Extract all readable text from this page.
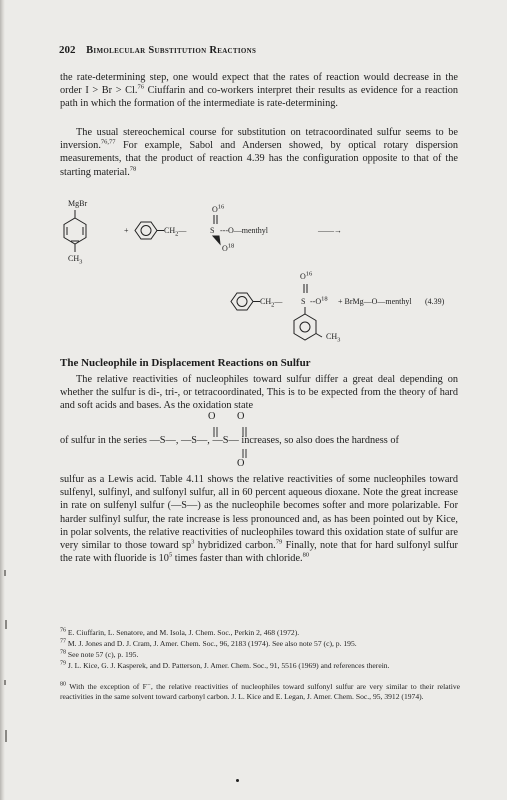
202 Bimolecular Substitution Reactions

the rate-determining step, one would expect that the rates of reaction would decrease in the order I > Br > Cl.$^{76}$ Ciuffarin and co-workers interpret their results as evidence for a reaction path in which the formation of the intermediate is rate-determining.

The usual stereochemical course for substitution on tetracoordinated sulfur seems to be inversion.$^{76,77}$ For example, Sabol and Andersen showed, by optical rotary dispersion measurements, that the product of reaction 4.39 has the configuration opposite to that of the starting material.$^{78}$

MgBr
$CH_3$
+	$CH_2—$	S ---O—menthyl
$O^{16}$
$O^{18}$
——→
$O^{16}$
$CH_2—$ S $--O^{18}$ + BrMg—O—menthyl (4.39)
$CH_3$
The Nucleophile in Displacement Reactions on Sulfur

The relative reactivities of nucleophiles toward sulfur differ a great deal depending on whether the sulfur is di-, tri-, or tetracoordinated, This is to be expected from the theory of hard and soft acids and bases. As the oxidation state

O O
of sulfur in the series —S—, —S—, —S— increases, so also does the hardness of
O

sulfur as a Lewis acid. Table 4.11 shows the relative reactivities of some nucleophiles toward sulfenyl, sulfinyl, and sulfonyl sulfur, all in 60 percent aqueous dioxane. Note the great increase in rate on sulfenyl sulfur (—S—) as the nucleophile becomes softer and more polarizable. For harder sulfinyl sulfur, the rate increase is less pronounced and, as has been pointed out by Kice, in polar solvents, the relative reactivities of nucleophiles toward this oxidation state of sulfur are very similar to those toward $sp^3$ hybridized carbon.$^{79}$ Finally, note that for hard sulfonyl sulfur the rate with fluoride is $10^5$ times faster than with chloride.$^{80}$

$^{76}$ E. Ciuffarin, L. Senatore, and M. Isola, J. Chem. Soc., Perkin 2, 468 (1972).

$^{77}$ M. J. Jones and D. J. Cram, J. Amer. Chem. Soc., 96, 2183 (1974). See also note 57 (c), p. 195.

$^{78}$ See note 57 (c), p. 195.

$^{79}$ J. L. Kice, G. J. Kasperek, and D. Patterson, J. Amer. Chem. Soc., 91, 5516 (1969) and references therein.

$^{80}$ With the exception of F⁻, the relative reactivities of nucleophiles toward sulfonyl sulfur are very similar to their relative reactivities in the same solvent toward carbonyl carbon. J. L. Kice and E. Legan, J. Amer. Chem. Soc., 95, 3912 (1974).
